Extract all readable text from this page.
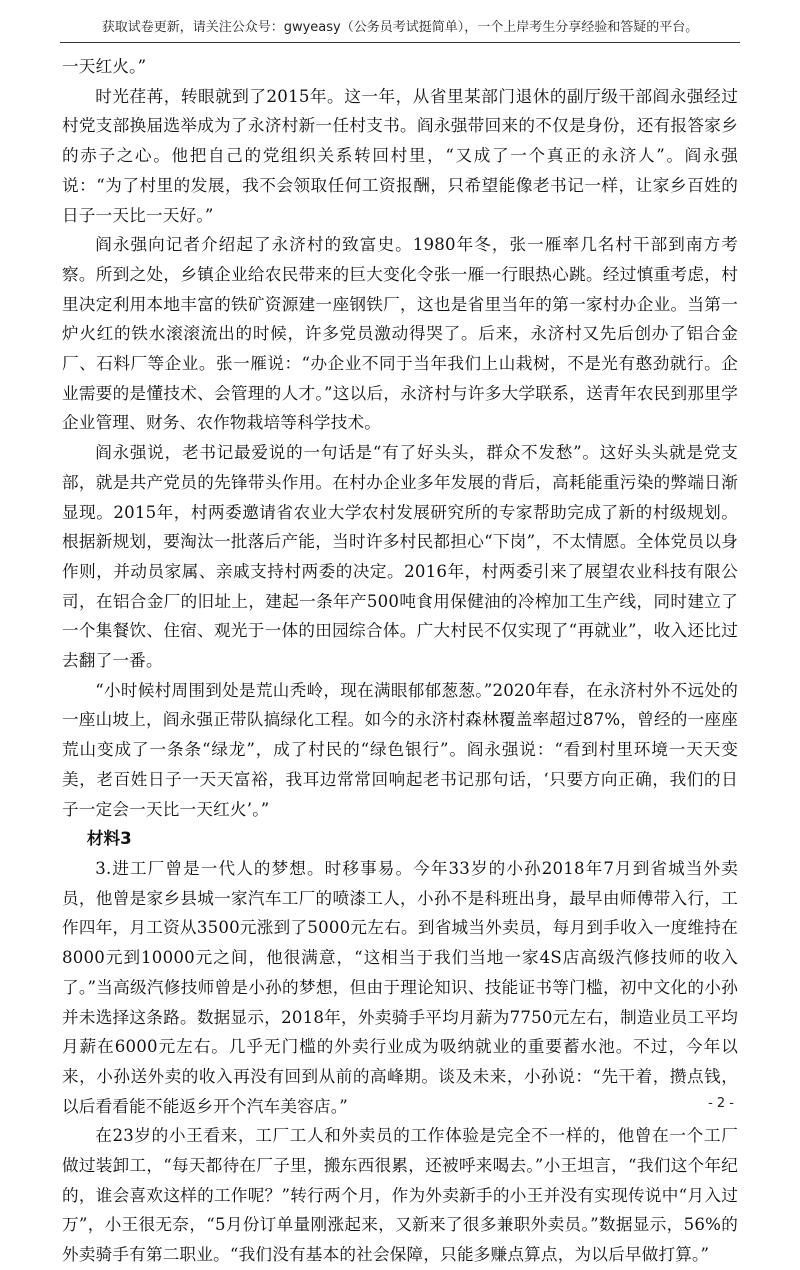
获取试卷更新，请关注公众号：gwyeasy（公务员考试挺简单），一个上岸考生分享经验和答疑的平台。

一天红火。”

时光荏苒，转眼就到了2015年。这一年，从省里某部门退休的副厅级干部阎永强经过村党支部换届选举成为了永济村新一任村支书。阎永强带回来的不仅是身份，还有报答家乡的赤子之心。他把自己的党组织关系转回村里，“又成了一个真正的永济人”。阎永强说：“为了村里的发展，我不会领取任何工资报酬，只希望能像老书记一样，让家乡百姓的日子一天比一天好。”

阎永强向记者介绍起了永济村的致富史。1980年冬，张一雁率几名村干部到南方考察。所到之处，乡镇企业给农民带来的巨大变化令张一雁一行眼热心跳。经过慎重考虑，村里决定利用本地丰富的铁矿资源建一座钢铁厂，这也是省里当年的第一家村办企业。当第一炉火红的铁水滚滚流出的时候，许多党员激动得哭了。后来，永济村又先后创办了铝合金厂、石料厂等企业。张一雁说：“办企业不同于当年我们上山栽树，不是光有憨劲就行。企业需要的是懂技术、会管理的人才。”这以后，永济村与许多大学联系，送青年农民到那里学企业管理、财务、农作物栽培等科学技术。

阎永强说，老书记最爱说的一句话是“有了好头头，群众不发愁”。这好头头就是党支部，就是共产党员的先锋带头作用。在村办企业多年发展的背后，高耗能重污染的弊端日渐显现。2015年，村两委邀请省农业大学农村发展研究所的专家帮助完成了新的村级规划。根据新规划，要淘汰一批落后产能，当时许多村民都担心“下岗”，不太情愿。全体党员以身作则，并动员家属、亲戚支持村两委的决定。2016年，村两委引来了展望农业科技有限公司，在铝合金厂的旧址上，建起一条年产500吨食用保健油的冷榨加工生产线，同时建立了一个集餐饮、住宿、观光于一体的田园综合体。广大村民不仅实现了“再就业”，收入还比过去翻了一番。

“小时候村周围到处是荒山秃岭，现在满眼郁郁葱葱。”2020年春，在永济村外不远处的一座山坡上，阎永强正带队搞绿化工程。如今的永济村森林覆盖率超过87%，曾经的一座座荒山变成了一条条“绿龙”，成了村民的“绿色银行”。阎永强说：“看到村里环境一天天变美，老百姓日子一天天富裕，我耳边常常回响起老书记那句话，‘只要方向正确，我们的日子一定会一天比一天红火’。”

材料3

3.进工厂曾是一代人的梦想。时移事易。今年33岁的小孙2018年7月到省城当外卖员，他曾是家乡县城一家汽车工厂的喷漆工人，小孙不是科班出身，最早由师傅带入行，工作四年，月工资从3500元涨到了5000元左右。到省城当外卖员，每月到手收入一度维持在8000元到10000元之间，他很满意，“这相当于我们当地一家4S店高级汽修技师的收入了。”当高级汽修技师曾是小孙的梦想，但由于理论知识、技能证书等门槛，初中文化的小孙并未选择这条路。数据显示，2018年，外卖骑手平均月薪为7750元左右，制造业员工平均月薪在6000元左右。几乎无门槛的外卖行业成为吸纳就业的重要蓄水池。不过，今年以来，小孙送外卖的收入再没有回到从前的高峰期。谈及未来，小孙说：“先干着，攒点钱，以后看看能不能返乡开个汽车美容店。”

在23岁的小王看来，工厂工人和外卖员的工作体验是完全不一样的，他曾在一个工厂做过装卸工，“每天都待在厂子里，搬东西很累，还被呼来喝去。”小王坦言，“我们这个年纪的，谁会喜欢这样的工作呢？”转行两个月，作为外卖新手的小王并没有实现传说中“月入过万”，小王很无奈，“5月份订单量刚涨起来，又新来了很多兼职外卖员。”数据显示，56%的外卖骑手有第二职业。“我们没有基本的社会保障，只能多赚点算点，为以后早做打算。”

- 2 -
